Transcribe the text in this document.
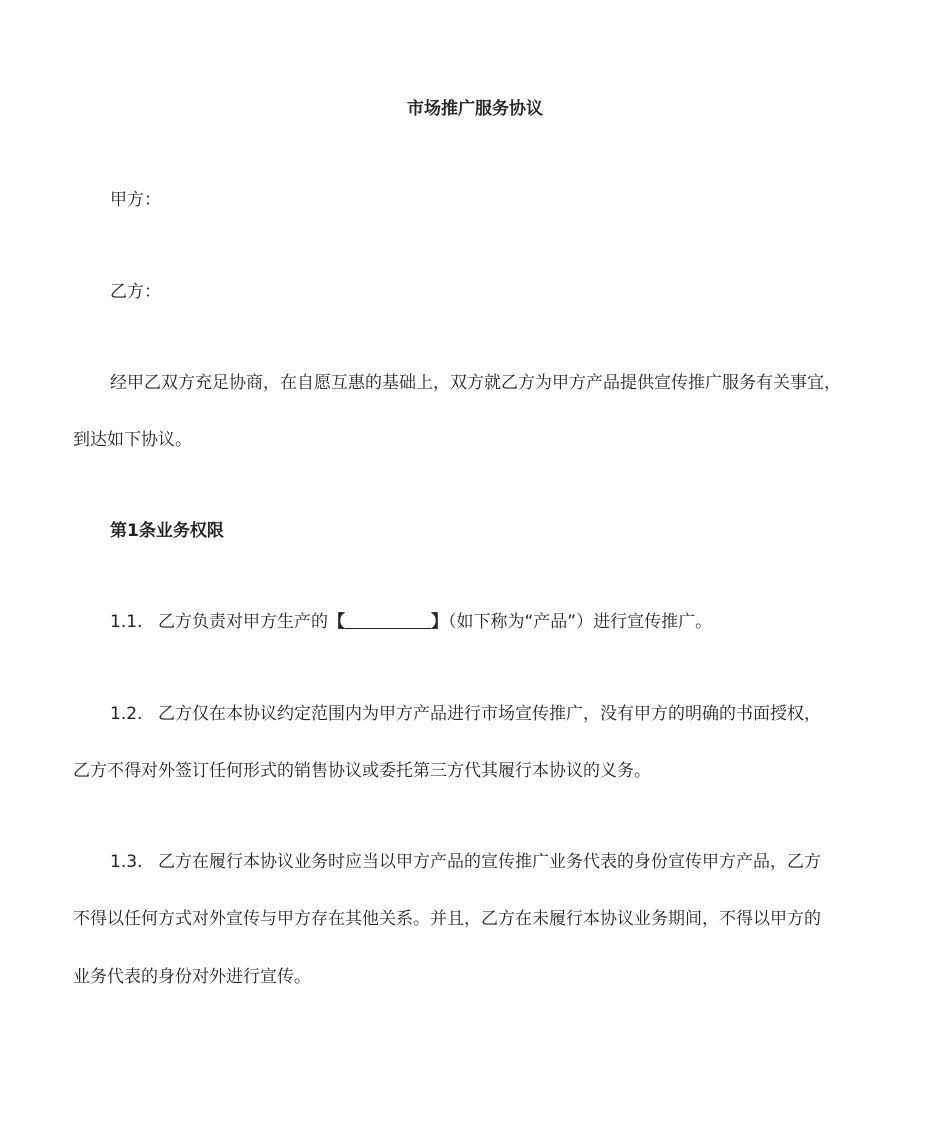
市场推广服务协议
甲方：
乙方：
经甲乙双方充足协商，在自愿互惠的基础上，双方就乙方为甲方产品提供宣传推广服务有关事宜，
到达如下协议。
第1条业务权限
1.1. 乙方负责对甲方生产的【	】（如下称为“产品”）进行宣传推广。
1.2. 乙方仅在本协议约定范围内为甲方产品进行市场宣传推广，没有甲方的明确的书面授权，
乙方不得对外签订任何形式的销售协议或委托第三方代其履行本协议的义务。
1.3. 乙方在履行本协议业务时应当以甲方产品的宣传推广业务代表的身份宣传甲方产品，乙方
不得以任何方式对外宣传与甲方存在其他关系。并且，乙方在未履行本协议业务期间，不得以甲方的
业务代表的身份对外进行宣传。
